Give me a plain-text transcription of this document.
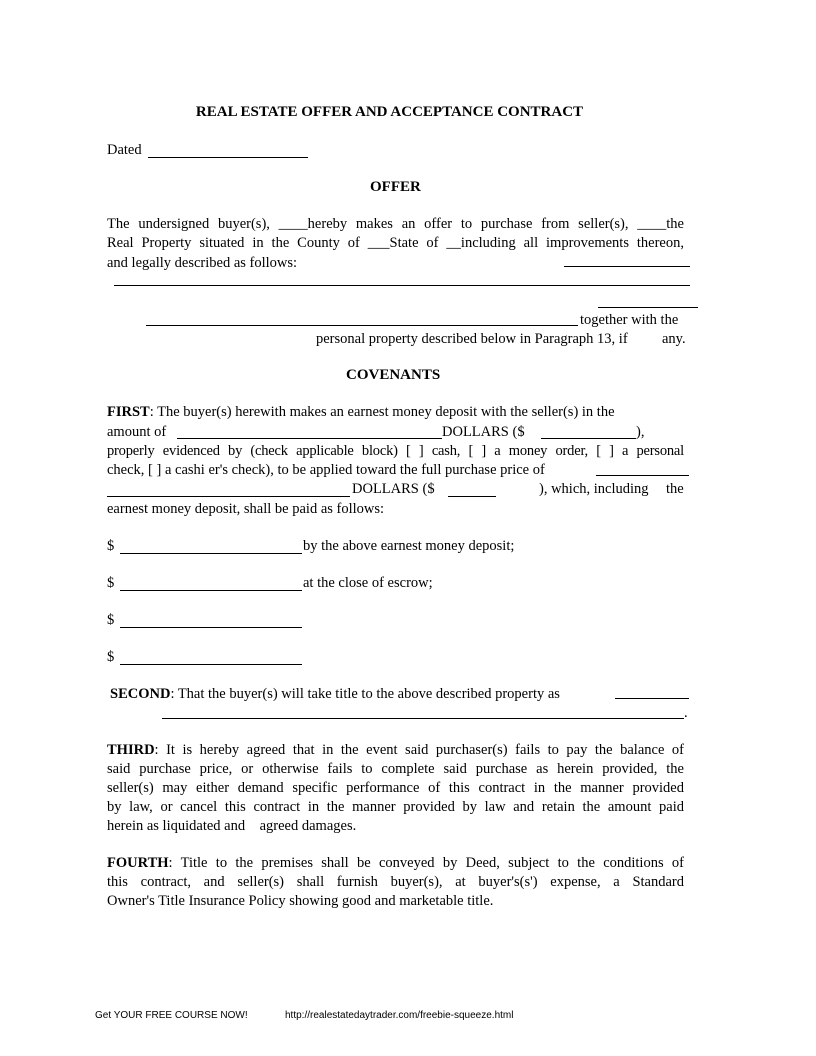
REAL ESTATE OFFER AND ACCEPTANCE CONTRACT
Dated
OFFER
The undersigned buyer(s), ____hereby makes an offer to purchase from seller(s), ____the
Real Property situated in the County of ___State of __including all improvements thereon,
and legally described as follows:
together with the
personal property described below in Paragraph 13, if any.
COVENANTS
FIRST: The buyer(s) herewith makes an earnest money deposit with the seller(s) in the
amount of	DOLLARS ($	),
properly evidenced by (check applicable block) [ ] cash, [ ] a money order, [ ] a personal
check, [ ] a cashi er's check), to be applied toward the full purchase price of
DOLLARS ($	), which, including the
earnest money deposit, shall be paid as follows:
$	by the above earnest money deposit;
$	at the close of escrow;
$
$
SECOND: That the buyer(s) will take title to the above described property as
.
THIRD : It is hereby agreed that in the event said purchaser(s) fails to pay the balance of
said purchase price, or otherwise fails to complete said purchase as herein provided, the
seller(s) may either demand specific performance of this contract in the manner provided
by law, or cancel this contract in the manner provided by law and retain the amount paid
herein as liquidated and    agreed damages.
FOURTH : Title to the premises shall be conveyed by Deed, subject to the conditions of
this contract, and seller(s) shall furnish buyer(s), at buyer's(s') expense, a Standard
Owner's Title Insurance Policy showing good and marketable title.
Get YOUR FREE COURSE NOW!	http://realestatedaytrader.com/freebie-squeeze.html
